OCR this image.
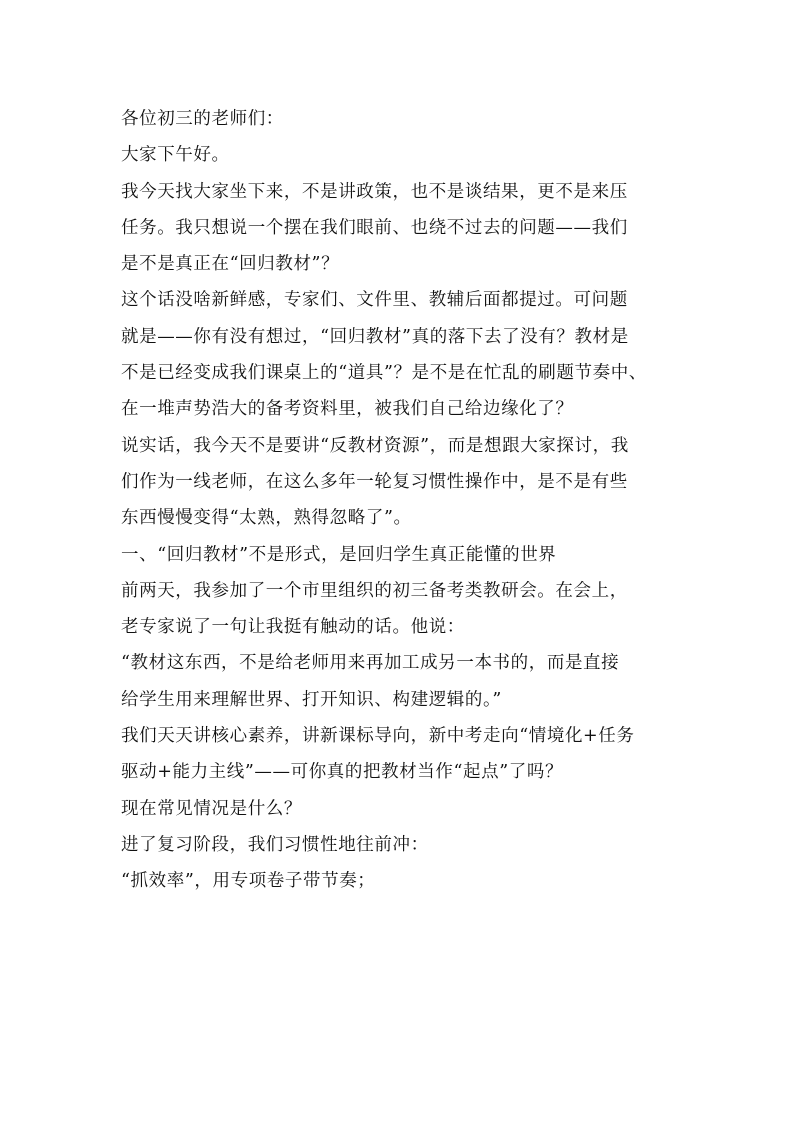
各位初三的老师们：
大家下午好。
我今天找大家坐下来，不是讲政策，也不是谈结果，更不是来压
任务。我只想说一个摆在我们眼前、也绕不过去的问题——我们
是不是真正在“回归教材”？
这个话没啥新鲜感，专家们、文件里、教辅后面都提过。可问题
就是——你有没有想过，“回归教材”真的落下去了没有？教材是
不是已经变成我们课桌上的“道具”？是不是在忙乱的刷题节奏中、
在一堆声势浩大的备考资料里，被我们自己给边缘化了？
说实话，我今天不是要讲“反教材资源”，而是想跟大家探讨，我
们作为一线老师，在这么多年一轮复习惯性操作中，是不是有些
东西慢慢变得“太熟，熟得忽略了”。
一、“回归教材”不是形式，是回归学生真正能懂的世界
前两天，我参加了一个市里组织的初三备考类教研会。在会上，
老专家说了一句让我挺有触动的话。他说：
“教材这东西，不是给老师用来再加工成另一本书的，而是直接
给学生用来理解世界、打开知识、构建逻辑的。”
我们天天讲核心素养，讲新课标导向，新中考走向“情境化+任务
驱动+能力主线”——可你真的把教材当作“起点”了吗？
现在常见情况是什么？
进了复习阶段，我们习惯性地往前冲：
“抓效率”，用专项卷子带节奏；
